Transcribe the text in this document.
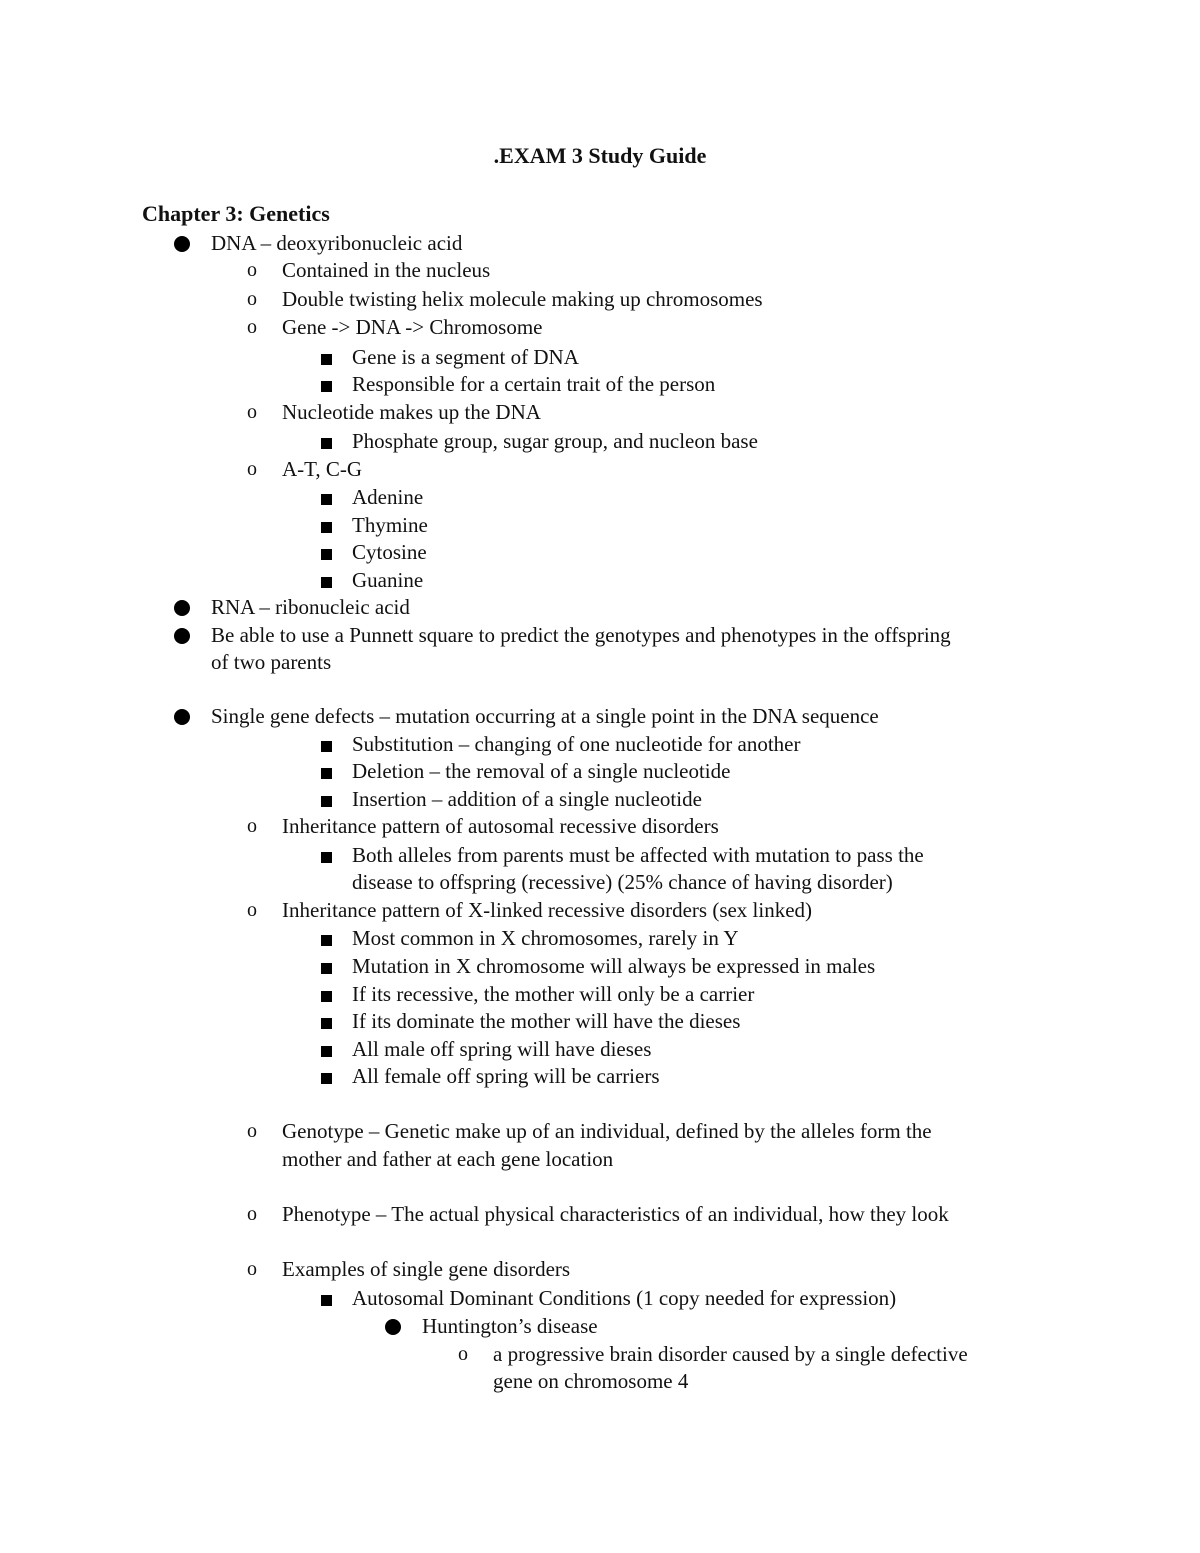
.EXAM 3 Study Guide
Chapter 3: Genetics
DNA – deoxyribonucleic acid
o Contained in the nucleus
o Double twisting helix molecule making up chromosomes
o Gene -> DNA -> Chromosome
Gene is a segment of DNA
Responsible for a certain trait of the person
o Nucleotide makes up the DNA
Phosphate group, sugar group, and nucleon base
o A-T, C-G
Adenine
Thymine
Cytosine
Guanine
RNA – ribonucleic acid
Be able to use a Punnett square to predict the genotypes and phenotypes in the offspring
of two parents
Single gene defects – mutation occurring at a single point in the DNA sequence
Substitution – changing of one nucleotide for another
Deletion – the removal of a single nucleotide
Insertion – addition of a single nucleotide
o Inheritance pattern of autosomal recessive disorders
Both alleles from parents must be affected with mutation to pass the
disease to offspring (recessive) (25% chance of having disorder)
o Inheritance pattern of X-linked recessive disorders (sex linked)
Most common in X chromosomes, rarely in Y
Mutation in X chromosome will always be expressed in males
If its recessive, the mother will only be a carrier
If its dominate the mother will have the dieses
All male off spring will have dieses
All female off spring will be carriers
o Genotype – Genetic make up of an individual, defined by the alleles form the
mother and father at each gene location
o Phenotype – The actual physical characteristics of an individual, how they look
o Examples of single gene disorders
Autosomal Dominant Conditions (1 copy needed for expression)
Huntington’s disease
o a progressive brain disorder caused by a single defective
gene on chromosome 4
